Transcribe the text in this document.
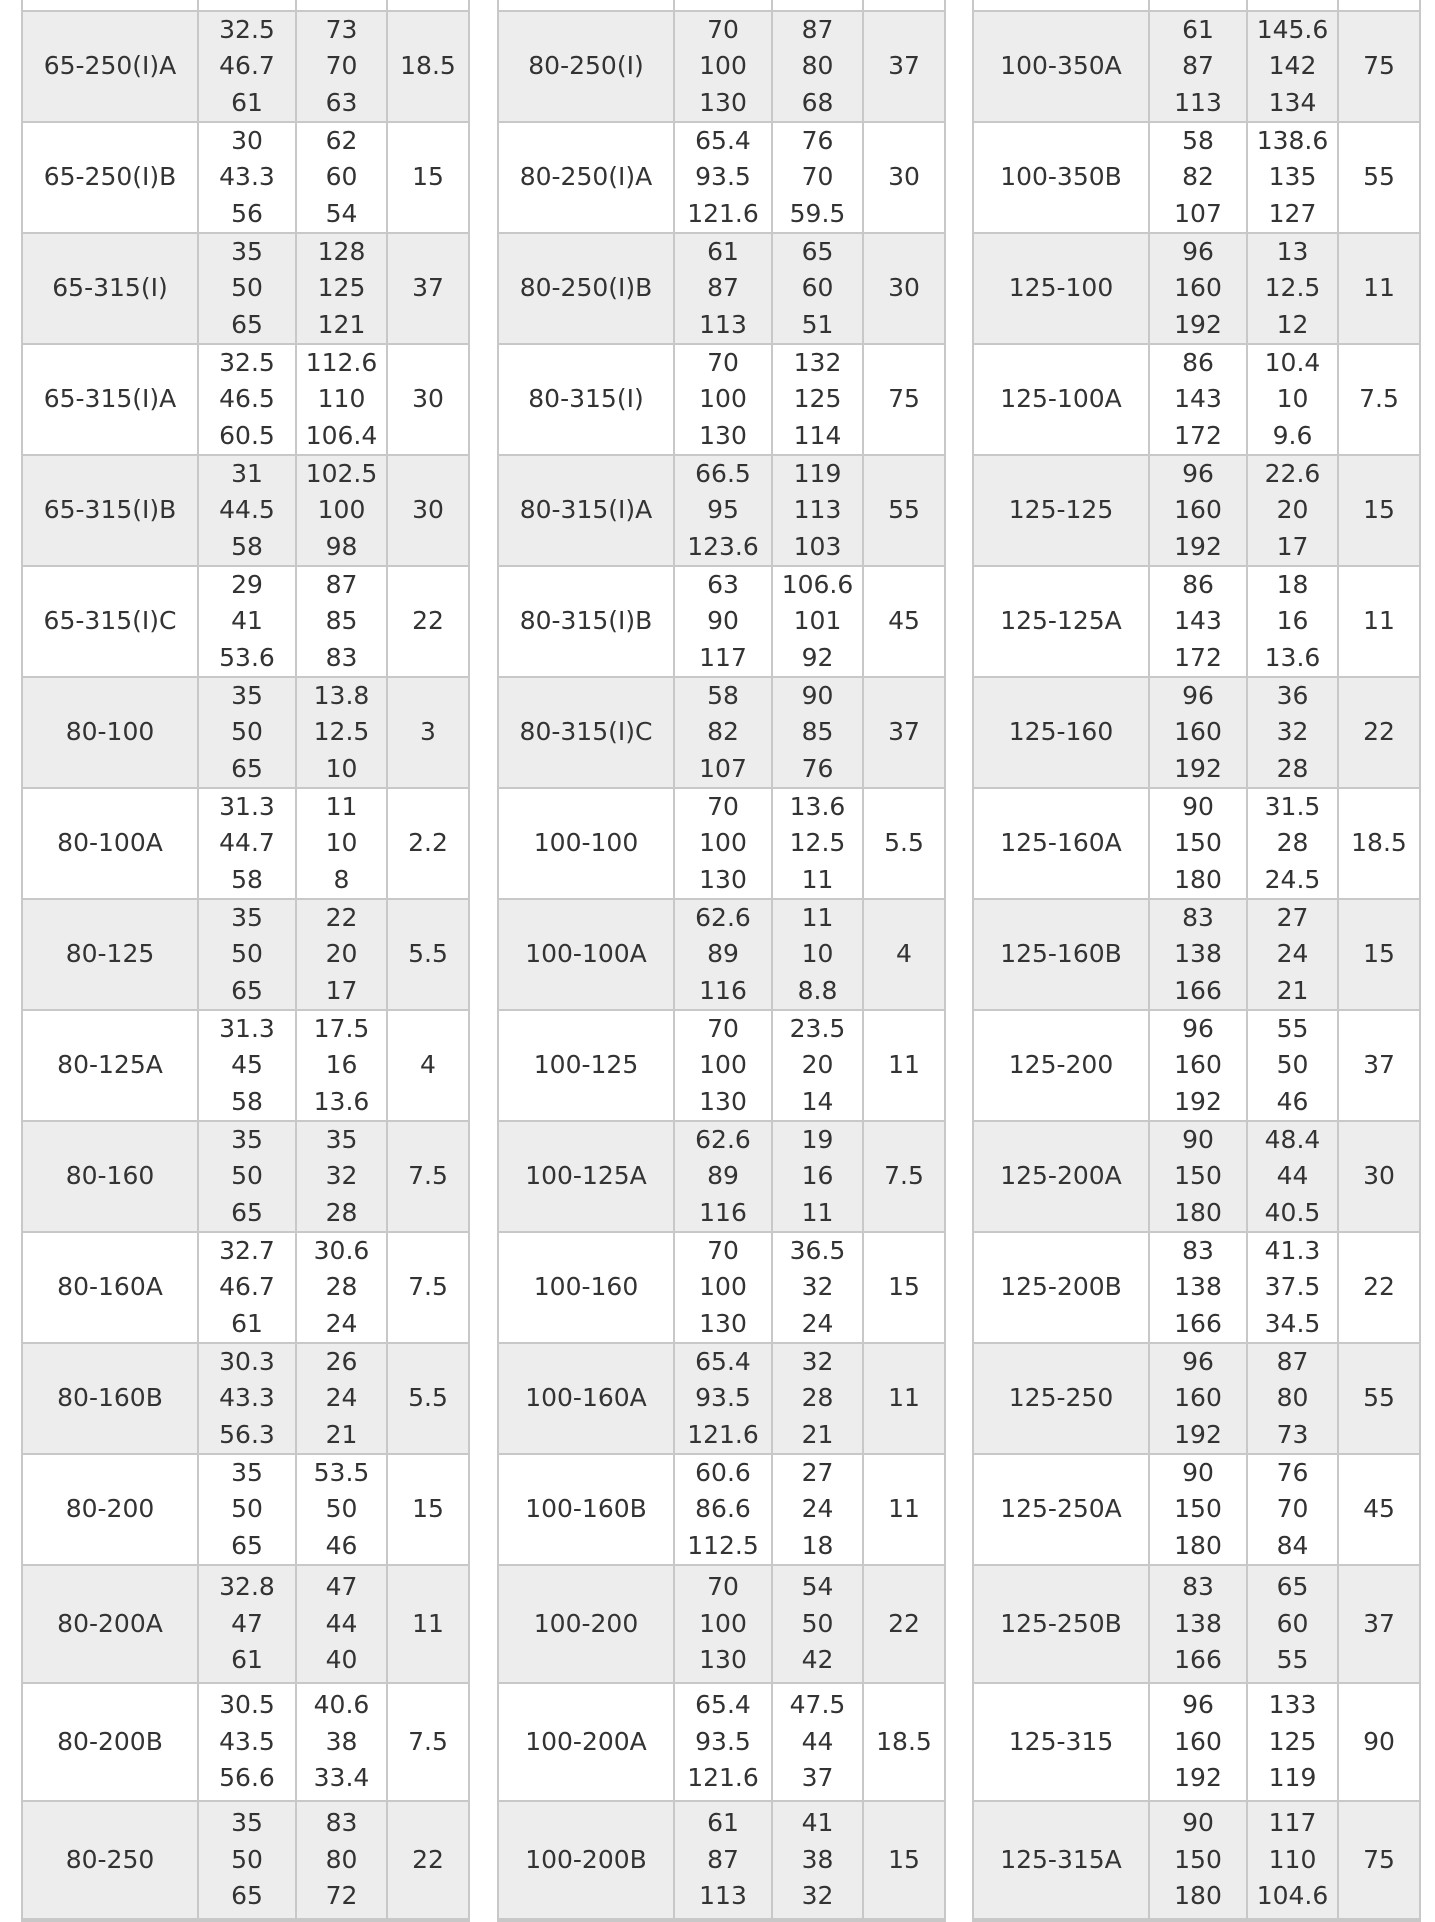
65-250(I)A
32.5
46.7
61
73
70
63
18.5
65-250(I)B
30
43.3
56
62
60
54
15
65-315(I)
35
50
65
128
125
121
37
65-315(I)A
32.5
46.5
60.5
112.6
110
106.4
30
65-315(I)B
31
44.5
58
102.5
100
98
30
65-315(I)C
29
41
53.6
87
85
83
22
80-100
35
50
65
13.8
12.5
10
3
80-100A
31.3
44.7
58
11
10
8
2.2
80-125
35
50
65
22
20
17
5.5
80-125A
31.3
45
58
17.5
16
13.6
4
80-160
35
50
65
35
32
28
7.5
80-160A
32.7
46.7
61
30.6
28
24
7.5
80-160B
30.3
43.3
56.3
26
24
21
5.5
80-200
35
50
65
53.5
50
46
15
80-200A
32.8
47
61
47
44
40
11
80-200B
30.5
43.5
56.6
40.6
38
33.4
7.5
80-250
35
50
65
83
80
72
22
80-250(I)
70
100
130
87
80
68
37
80-250(I)A
65.4
93.5
121.6
76
70
59.5
30
80-250(I)B
61
87
113
65
60
51
30
80-315(I)
70
100
130
132
125
114
75
80-315(I)A
66.5
95
123.6
119
113
103
55
80-315(I)B
63
90
117
106.6
101
92
45
80-315(I)C
58
82
107
90
85
76
37
100-100
70
100
130
13.6
12.5
11
5.5
100-100A
62.6
89
116
11
10
8.8
4
100-125
70
100
130
23.5
20
14
11
100-125A
62.6
89
116
19
16
11
7.5
100-160
70
100
130
36.5
32
24
15
100-160A
65.4
93.5
121.6
32
28
21
11
100-160B
60.6
86.6
112.5
27
24
18
11
100-200
70
100
130
54
50
42
22
100-200A
65.4
93.5
121.6
47.5
44
37
18.5
100-200B
61
87
113
41
38
32
15
100-350A
61
87
113
145.6
142
134
75
100-350B
58
82
107
138.6
135
127
55
125-100
96
160
192
13
12.5
12
11
125-100A
86
143
172
10.4
10
9.6
7.5
125-125
96
160
192
22.6
20
17
15
125-125A
86
143
172
18
16
13.6
11
125-160
96
160
192
36
32
28
22
125-160A
90
150
180
31.5
28
24.5
18.5
125-160B
83
138
166
27
24
21
15
125-200
96
160
192
55
50
46
37
125-200A
90
150
180
48.4
44
40.5
30
125-200B
83
138
166
41.3
37.5
34.5
22
125-250
96
160
192
87
80
73
55
125-250A
90
150
180
76
70
84
45
125-250B
83
138
166
65
60
55
37
125-315
96
160
192
133
125
119
90
125-315A
90
150
180
117
110
104.6
75
